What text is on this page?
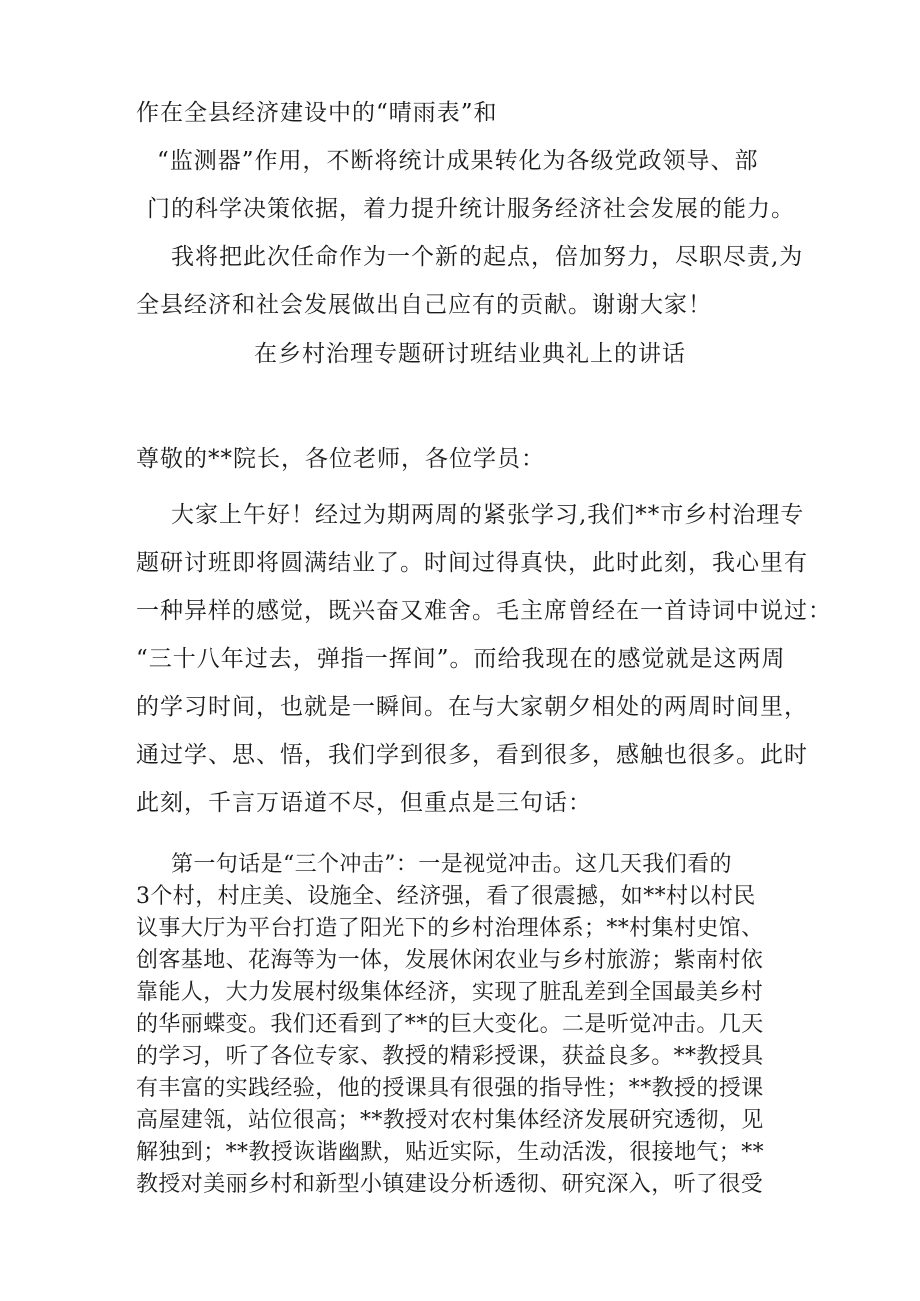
作在全县经济建设中的“晴雨表”和
“监测器”作用，不断将统计成果转化为各级党政领导、部
门的科学决策依据，着力提升统计服务经济社会发展的能力。
我将把此次任命作为一个新的起点，倍加努力，尽职尽责,为
全县经济和社会发展做出自己应有的贡献。谢谢大家！
在乡村治理专题研讨班结业典礼上的讲话
尊敬的**院长，各位老师，各位学员：
大家上午好！经过为期两周的紧张学习,我们**市乡村治理专
题研讨班即将圆满结业了。时间过得真快，此时此刻，我心里有
一种异样的感觉，既兴奋又难舍。毛主席曾经在一首诗词中说过：
“三十八年过去，弹指一挥间”。而给我现在的感觉就是这两周
的学习时间，也就是一瞬间。在与大家朝夕相处的两周时间里，
通过学、思、悟，我们学到很多，看到很多，感触也很多。此时
此刻，千言万语道不尽，但重点是三句话：
第一句话是“三个冲击”：一是视觉冲击。这几天我们看的
3个村，村庄美、设施全、经济强，看了很震撼，如**村以村民
议事大厅为平台打造了阳光下的乡村治理体系；**村集村史馆、
创客基地、花海等为一体，发展休闲农业与乡村旅游；紫南村依
靠能人，大力发展村级集体经济，实现了脏乱差到全国最美乡村
的华丽蝶变。我们还看到了**的巨大变化。二是听觉冲击。几天
的学习，听了各位专家、教授的精彩授课，获益良多。**教授具
有丰富的实践经验，他的授课具有很强的指导性；**教授的授课
高屋建瓴，站位很高；**教授对农村集体经济发展研究透彻，见
解独到；**教授诙谐幽默，贴近实际，生动活泼，很接地气；**
教授对美丽乡村和新型小镇建设分析透彻、研究深入，听了很受
